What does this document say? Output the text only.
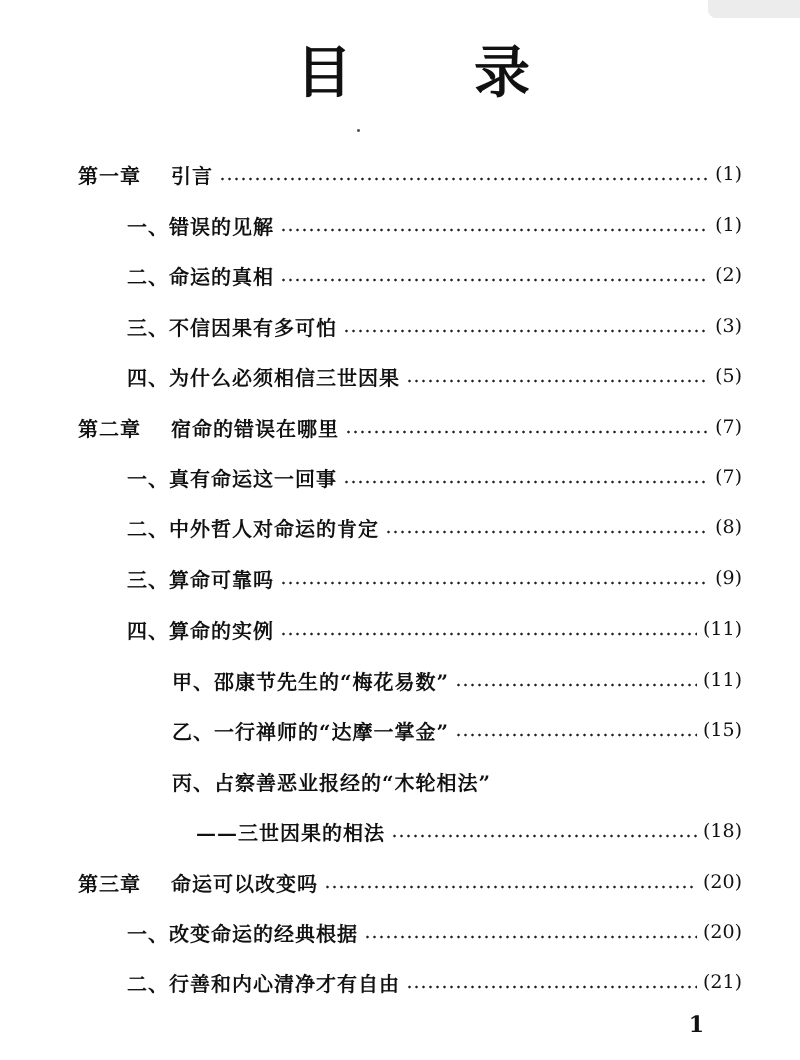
目 录
第一章 引言	(1)
一、错误的见解	(1)
二、命运的真相	(2)
三、不信因果有多可怕	(3)
四、为什么必须相信三世因果	(5)
第二章 宿命的错误在哪里	(7)
一、真有命运这一回事	(7)
二、中外哲人对命运的肯定	(8)
三、算命可靠吗	(9)
四、算命的实例	(11)
甲、邵康节先生的“梅花易数”	(11)
乙、一行禅师的“达摩一掌金”	(15)
丙、占察善恶业报经的“木轮相法”
——三世因果的相法	(18)
第三章 命运可以改变吗	(20)
一、改变命运的经典根据	(20)
二、行善和内心清净才有自由	(21)
1
